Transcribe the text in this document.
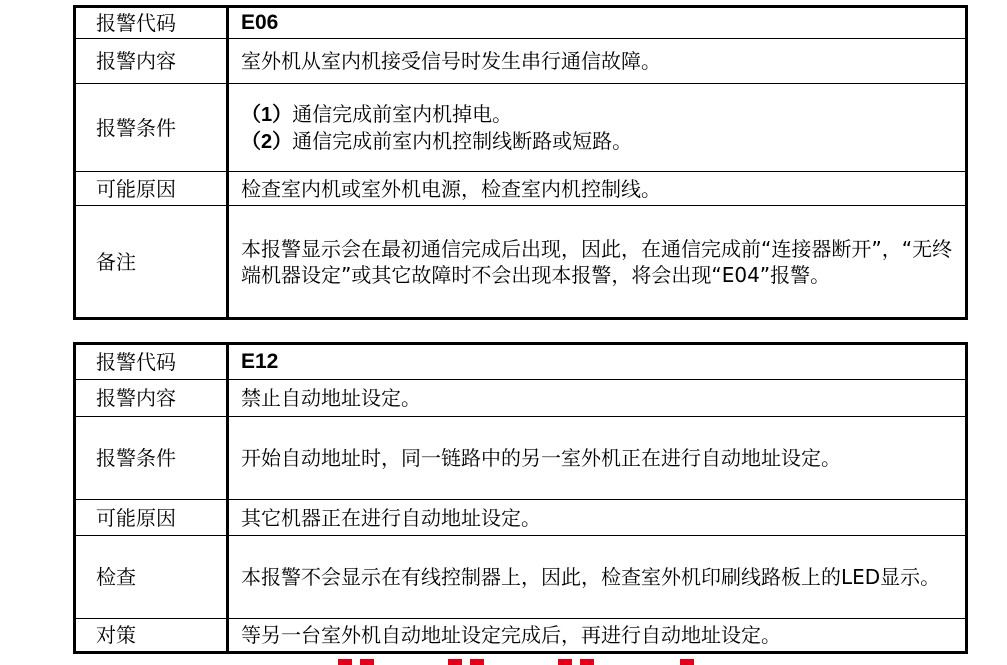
报警代码	E06
报警内容	室外机从室内机接受信号时发生串行通信故障。
报警条件	（1）通信完成前室内机掉电。
（2）通信完成前室内机控制线断路或短路。

可能原因	检查室内机或室外机电源，检查室内机控制线。
备注	本报警显示会在最初通信完成后出现，因此，在通信完成前“连接器断开”，“无终端机器设定”或其它故障时不会出现本报警，将会出现“E04”报警。
报警代码	E12
报警内容	禁止自动地址设定。
报警条件	开始自动地址时，同一链路中的另一室外机正在进行自动地址设定。
可能原因	其它机器正在进行自动地址设定。
检查	本报警不会显示在有线控制器上，因此，检查室外机印刷线路板上的LED显示。
对策	等另一台室外机自动地址设定完成后，再进行自动地址设定。
